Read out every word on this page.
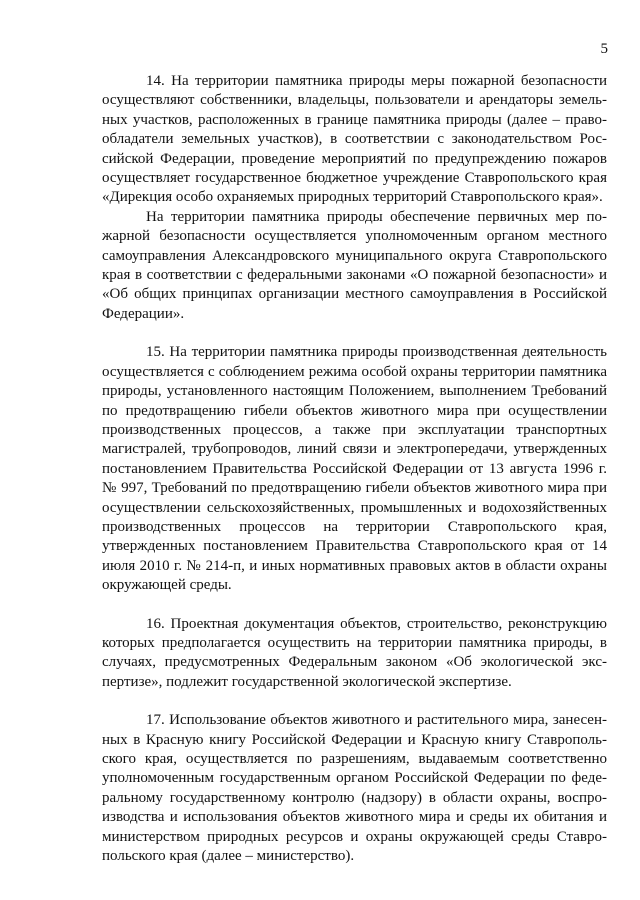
5

14. На территории памятника природы меры пожарной безопасности осуществляют собственники, владельцы, пользователи и арендаторы земельных участков, расположенных в границе памятника природы (далее – правообладатели земельных участков), в соответствии с законодательством Российской Федерации, проведение мероприятий по предупреждению пожаров осуществляет государственное бюджетное учреждение Ставропольского края «Дирекция особо охраняемых природных территорий Ставропольского края».

На территории памятника природы обеспечение первичных мер пожарной безопасности осуществляется уполномоченным органом местного самоуправления Александровского муниципального округа Ставропольского края в соответствии с федеральными законами «О пожарной безопасности» и «Об общих принципах организации местного самоуправления в Российской Федерации».

15. На территории памятника природы производственная деятельность осуществляется с соблюдением режима особой охраны территории памятника природы, установленного настоящим Положением, выполнением Требований по предотвращению гибели объектов животного мира при осуществлении производственных процессов, а также при эксплуатации транспортных магистралей, трубопроводов, линий связи и электропередачи, утвержденных постановлением Правительства Российской Федерации от 13 августа 1996 г. № 997, Требований по предотвращению гибели объектов животного мира при осуществлении сельскохозяйственных, промышленных и водохозяйственных производственных процессов на территории Ставропольского края, утвержденных постановлением Правительства Ставропольского края от 14 июля 2010 г. № 214-п, и иных нормативных правовых актов в области охраны окружающей среды.

16. Проектная документация объектов, строительство, реконструкцию которых предполагается осуществить на территории памятника природы, в случаях, предусмотренных Федеральным законом «Об экологической экспертизе», подлежит государственной экологической экспертизе.

17. Использование объектов животного и растительного мира, занесенных в Красную книгу Российской Федерации и Красную книгу Ставропольского края, осуществляется по разрешениям, выдаваемым соответственно уполномоченным государственным органом Российской Федерации по федеральному государственному контролю (надзору) в области охраны, воспроизводства и использования объектов животного мира и среды их обитания и министерством природных ресурсов и охраны окружающей среды Ставропольского края (далее – министерство).
